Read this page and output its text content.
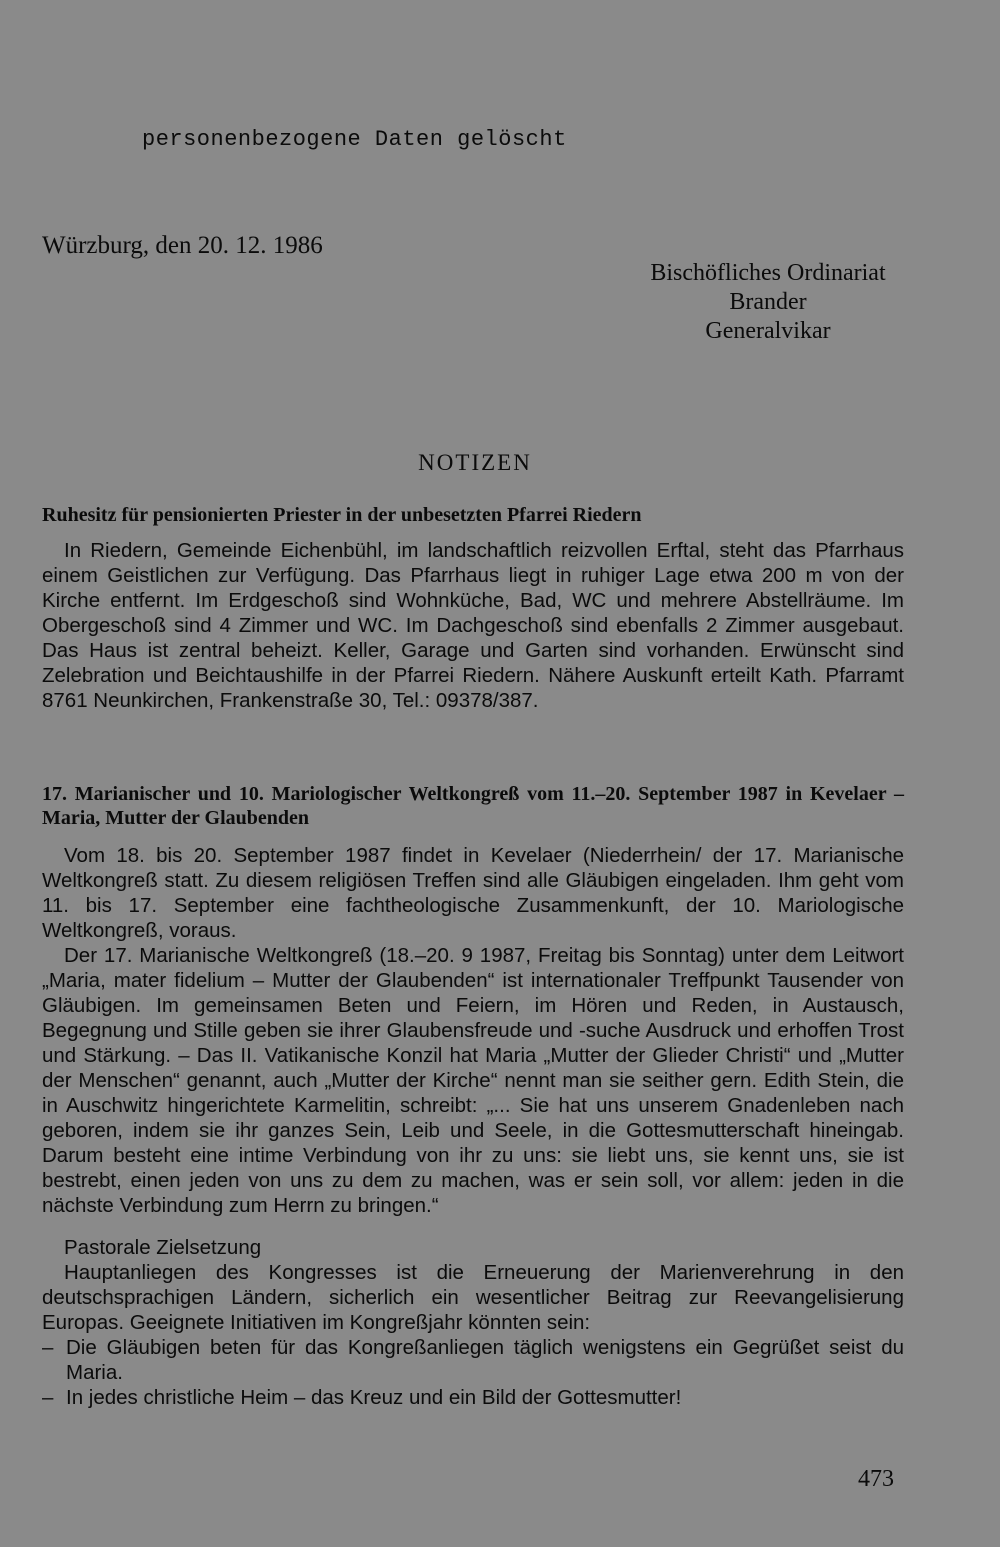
personenbezogene Daten gelöscht
Würzburg, den 20. 12. 1986
Bischöfliches Ordinariat
Brander
Generalvikar
NOTIZEN
Ruhesitz für pensionierten Priester in der unbesetzten Pfarrei Riedern

In Riedern, Gemeinde Eichenbühl, im landschaftlich reizvollen Erftal, steht das Pfarrhaus einem Geistlichen zur Verfügung. Das Pfarrhaus liegt in ruhiger Lage etwa 200 m von der Kirche entfernt. Im Erdgeschoß sind Wohnküche, Bad, WC und mehrere Abstellräume. Im Obergeschoß sind 4 Zimmer und WC. Im Dachgeschoß sind ebenfalls 2 Zimmer ausgebaut. Das Haus ist zentral beheizt. Keller, Garage und Garten sind vorhanden. Erwünscht sind Zelebration und Beichtaushilfe in der Pfarrei Riedern. Nähere Auskunft erteilt Kath. Pfarramt 8761 Neunkirchen, Frankenstraße 30, Tel.: 09378/387.

17. Marianischer und 10. Mariologischer Weltkongreß vom 11.–20. September 1987 in Kevelaer – Maria, Mutter der Glaubenden

Vom 18. bis 20. September 1987 findet in Kevelaer (Niederrhein/ der 17. Marianische Weltkongreß statt. Zu diesem religiösen Treffen sind alle Gläubigen eingeladen. Ihm geht vom 11. bis 17. September eine fachtheologische Zusammenkunft, der 10. Mariologische Weltkongreß, voraus.

Der 17. Marianische Weltkongreß (18.–20. 9 1987, Freitag bis Sonntag) unter dem Leitwort „Maria, mater fidelium – Mutter der Glaubenden“ ist internationaler Treffpunkt Tausender von Gläubigen. Im gemeinsamen Beten und Feiern, im Hören und Reden, in Austausch, Begegnung und Stille geben sie ihrer Glaubensfreude und -suche Ausdruck und erhoffen Trost und Stärkung. – Das II. Vatikanische Konzil hat Maria „Mutter der Glieder Christi“ und „Mutter der Menschen“ genannt, auch „Mutter der Kirche“ nennt man sie seither gern. Edith Stein, die in Auschwitz hingerichtete Karmelitin, schreibt: „... Sie hat uns unserem Gnadenleben nach geboren, indem sie ihr ganzes Sein, Leib und Seele, in die Gottesmutterschaft hineingab. Darum besteht eine intime Verbindung von ihr zu uns: sie liebt uns, sie kennt uns, sie ist bestrebt, einen jeden von uns zu dem zu machen, was er sein soll, vor allem: jeden in die nächste Verbindung zum Herrn zu bringen.“

Pastorale Zielsetzung

Hauptanliegen des Kongresses ist die Erneuerung der Marienverehrung in den deutschsprachigen Ländern, sicherlich ein wesentlicher Beitrag zur Reevangelisierung Europas. Geeignete Initiativen im Kongreßjahr könnten sein:

– Die Gläubigen beten für das Kongreßanliegen täglich wenigstens ein Gegrüßet seist du Maria.
– In jedes christliche Heim – das Kreuz und ein Bild der Gottesmutter!
473
